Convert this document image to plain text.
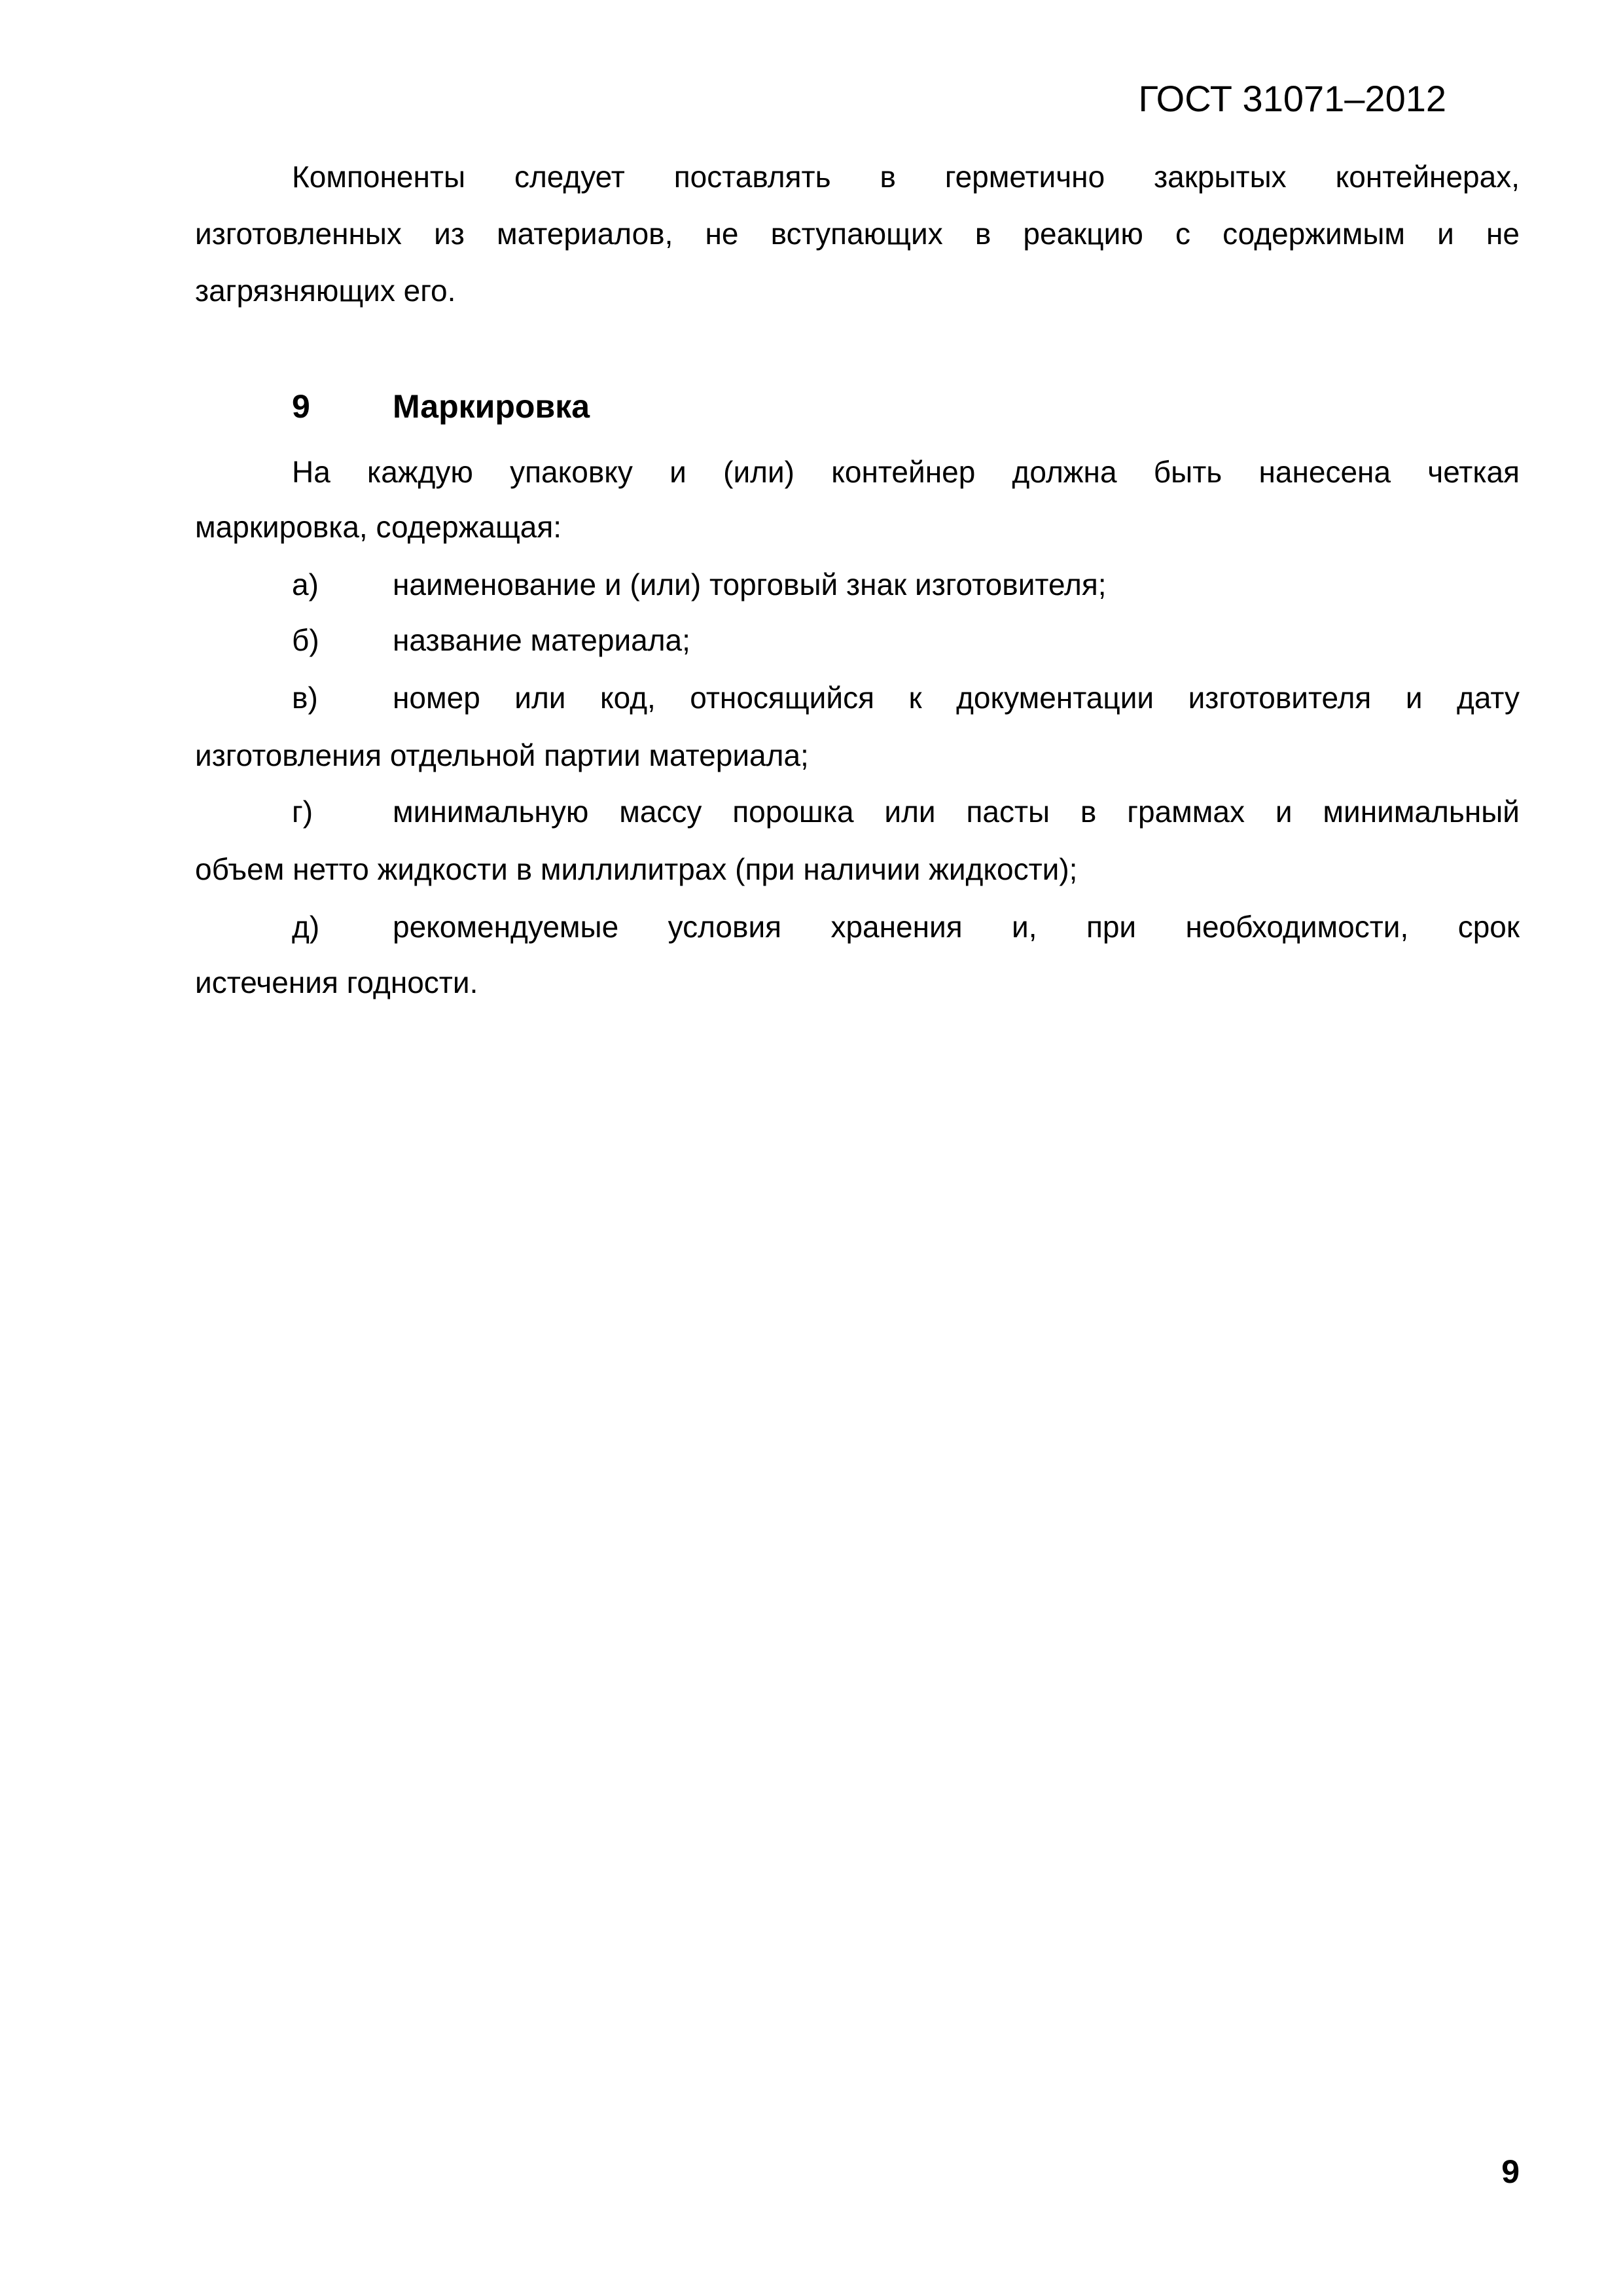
ГОСТ 31071–2012
Компоненты следует поставлять в герметично закрытых контейнерах,
изготовленных из материалов, не вступающих в реакцию с содержимым и не
загрязняющих его.
9	Маркировка
На каждую упаковку и (или) контейнер должна быть нанесена четкая
маркировка, содержащая:
а) наименование и (или) торговый знак изготовителя;
б) название материала;
в) номер или код, относящийся к документации изготовителя и дату
изготовления отдельной партии материала;
г)	минимальную массу порошка или пасты в граммах и минимальный
объем нетто жидкости в миллилитрах (при наличии жидкости);
д) рекомендуемые условия хранения и, при необходимости, срок
истечения годности.
9
